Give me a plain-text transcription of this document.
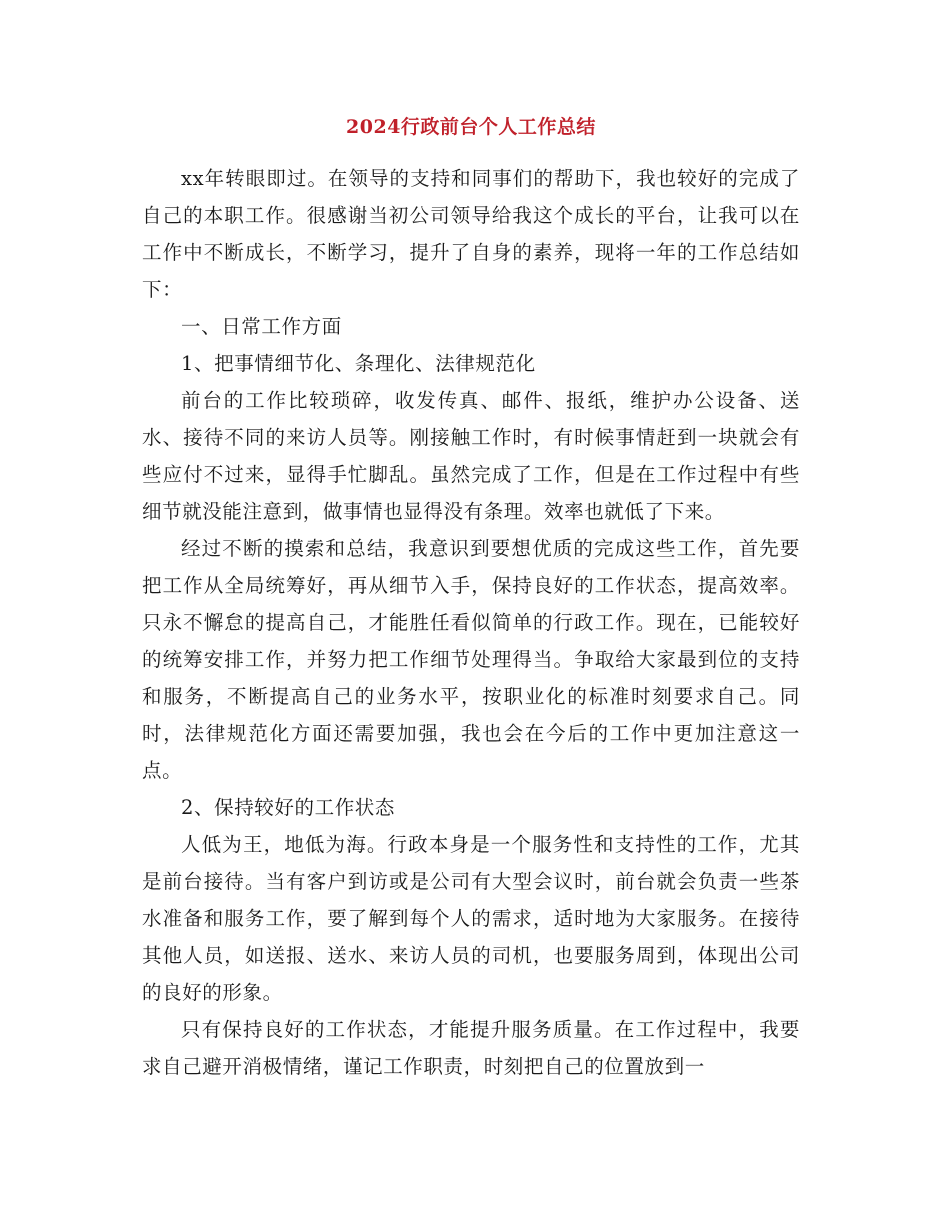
2024行政前台个人工作总结

xx年转眼即过。在领导的支持和同事们的帮助下，我也较好的完成了自己的本职工作。很感谢当初公司领导给我这个成长的平台，让我可以在工作中不断成长，不断学习，提升了自身的素养，现将一年的工作总结如下：

一、日常工作方面

1、把事情细节化、条理化、法律规范化

前台的工作比较琐碎，收发传真、邮件、报纸，维护办公设备、送水、接待不同的来访人员等。刚接触工作时，有时候事情赶到一块就会有些应付不过来，显得手忙脚乱。虽然完成了工作，但是在工作过程中有些细节就没能注意到，做事情也显得没有条理。效率也就低了下来。

经过不断的摸索和总结，我意识到要想优质的完成这些工作，首先要把工作从全局统筹好，再从细节入手，保持良好的工作状态，提高效率。只永不懈怠的提高自己，才能胜任看似简单的行政工作。现在，已能较好的统筹安排工作，并努力把工作细节处理得当。争取给大家最到位的支持和服务，不断提高自己的业务水平，按职业化的标准时刻要求自己。同时，法律规范化方面还需要加强，我也会在今后的工作中更加注意这一点。

2、保持较好的工作状态

人低为王，地低为海。行政本身是一个服务性和支持性的工作，尤其是前台接待。当有客户到访或是公司有大型会议时，前台就会负责一些茶水准备和服务工作，要了解到每个人的需求，适时地为大家服务。在接待其他人员，如送报、送水、来访人员的司机，也要服务周到，体现出公司的良好的形象。

只有保持良好的工作状态，才能提升服务质量。在工作过程中，我要求自己避开消极情绪，谨记工作职责，时刻把自己的位置放到一
